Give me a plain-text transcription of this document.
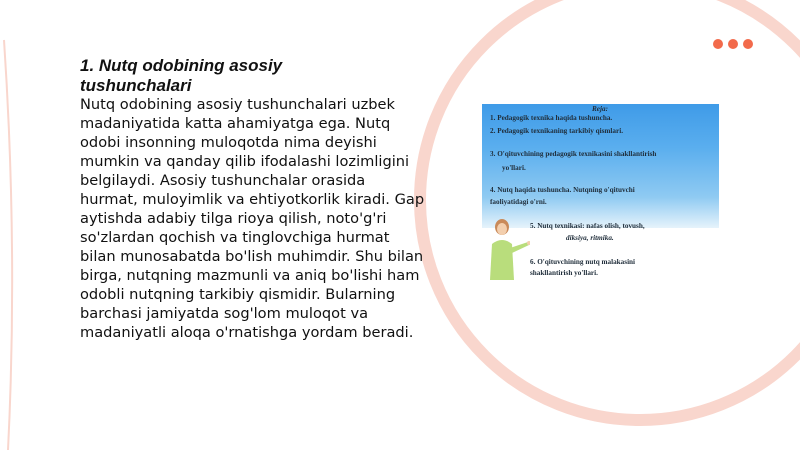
1. Nutq odobining asosiy tushunchalari
Nutq odobining asosiy tushunchalari uzbek madaniyatida katta ahamiyatga ega. Nutq odobi insonning muloqotda nima deyishi mumkin va qanday qilib ifodalashi lozimligini belgilaydi. Asosiy tushunchalar orasida hurmat, muloyimlik va ehtiyotkorlik kiradi. Gap aytishda adabiy tilga rioya qilish, noto'g'ri so'zlardan qochish va tinglovchiga hurmat bilan munosabatda bo'lish muhimdir. Shu bilan birga, nutqning mazmunli va aniq bo'lishi ham odobli nutqning tarkibiy qismidir. Bularning barchasi jamiyatda sog'lom muloqot va madaniyatli aloqa o'rnatishga yordam beradi.
Reja:
1. Pedagogik texnika haqida tushuncha.
2. Pedagogik texnikaning tarkibiy qismlari.
3. O'qituvchining pedagogik texnikasini shakllantirish
yo'llari.
4. Nutq haqida tushuncha. Nutqning o'qituvchi
faoliyatidagi o'rni.
5. Nutq texnikasi: nafas olish, tovush,
diksiya, ritmika.
6. O'qituvchining nutq malakasini
shakllantirish yo'llari.
